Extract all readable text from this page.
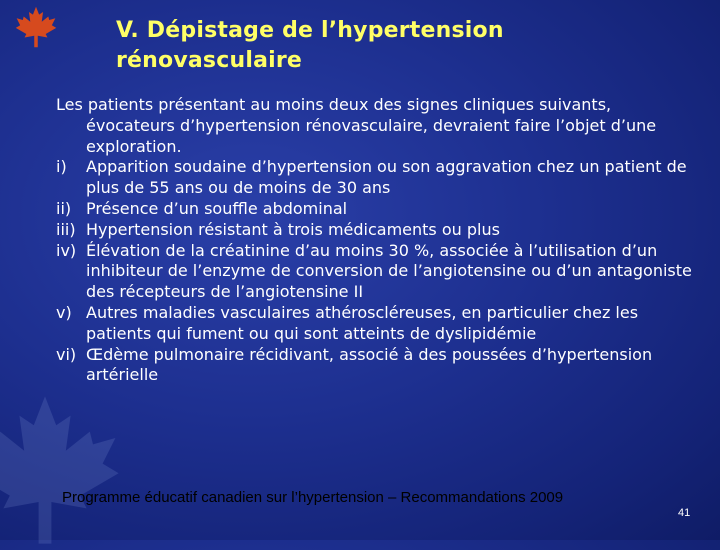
V. Dépistage de l’hypertension rénovasculaire
Les patients présentant au moins deux des signes cliniques suivants, évocateurs d’hypertension rénovasculaire, devraient faire l’objet d’une exploration.
i) Apparition soudaine d’hypertension ou son aggravation chez un patient de plus de 55 ans ou de moins de 30 ans
ii) Présence d’un souffle abdominal
iii) Hypertension résistant à trois médicaments ou plus
iv) Élévation de la créatinine d’au moins 30 %, associée à l’utilisation d’un inhibiteur de l’enzyme de conversion de l’angiotensine ou d’un antagoniste des récepteurs de l’angiotensine II
v) Autres maladies vasculaires athéroscléreuses, en particulier chez les patients qui fument ou qui sont atteints de dyslipidémie
vi) Œdème pulmonaire récidivant, associé à des poussées d’hypertension artérielle
Programme éducatif canadien sur l’hypertension – Recommandations 2009
41
